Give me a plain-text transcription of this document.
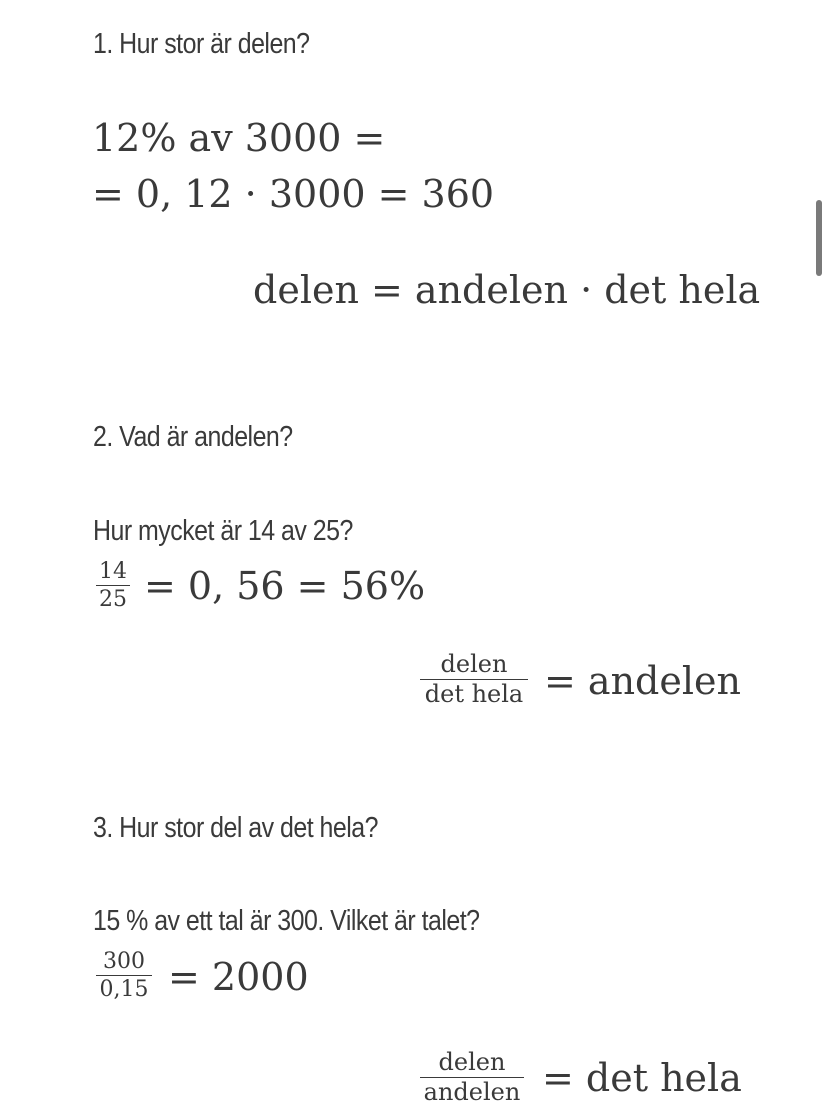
1. Hur stor är delen?
12% av 3000 =
= 0, 12 · 3000 = 360
delen = andelen · det hela
2. Vad är andelen?
Hur mycket är 14 av 25?
14
25 = 0, 56 = 56%
delen
det hela = andelen
3. Hur stor del av det hela?
15 % av ett tal är 300. Vilket är talet?
300
0,15 = 2000
delen
andelen = det hela
